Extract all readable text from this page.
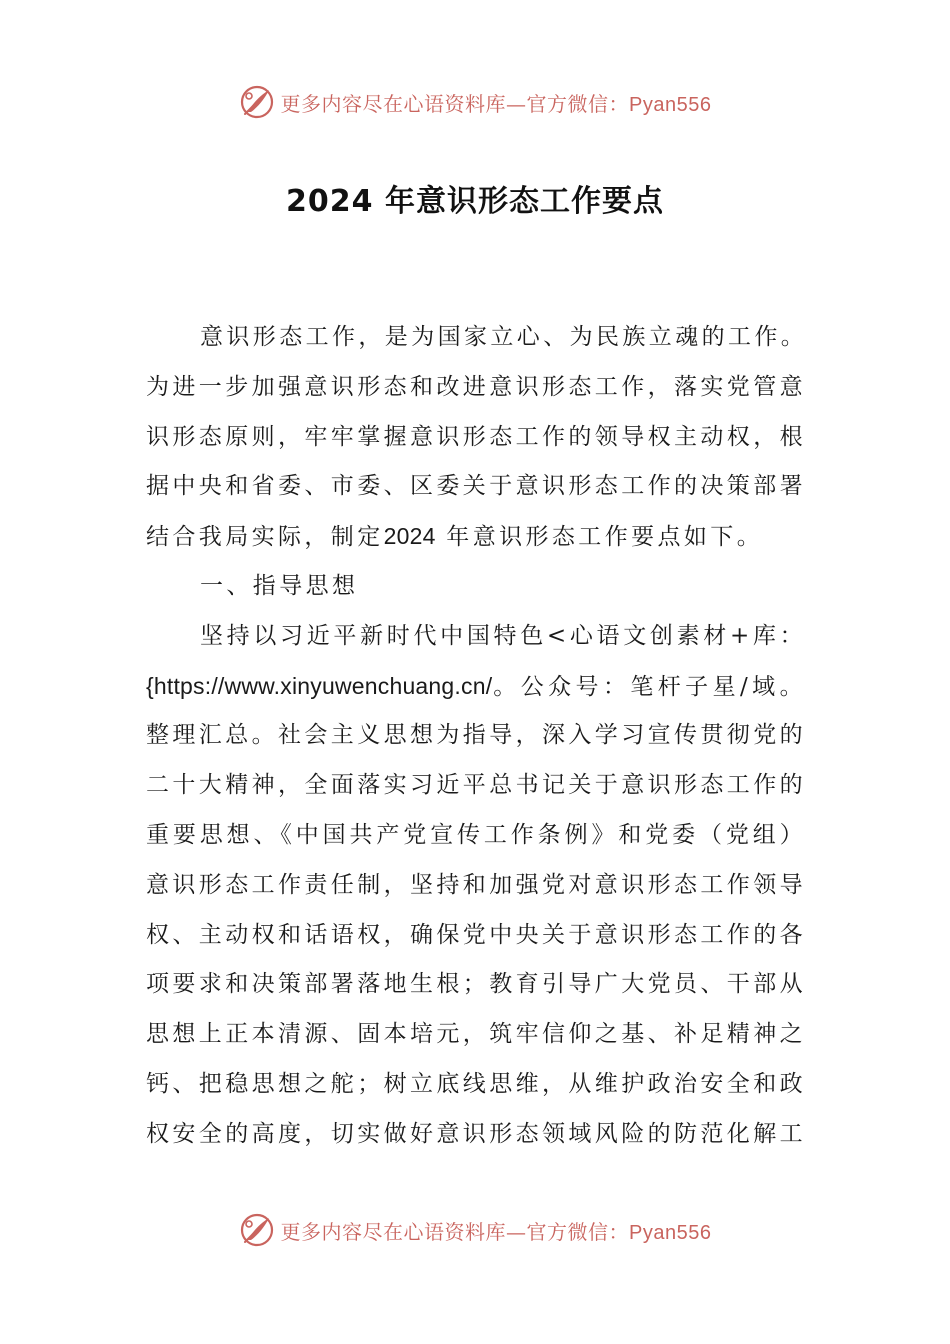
更多内容尽在心语资料库—官方微信：Pyan556
2024 年意识形态工作要点
意识形态工作，是为国家立心、为民族立魂的工作。
为进一步加强意识形态和改进意识形态工作，落实党管意
识形态原则，牢牢掌握意识形态工作的领导权主动权，根
据中央和省委、市委、区委关于意识形态工作的决策部署
结合我局实际，制定2024 年意识形态工作要点如下。
一、指导思想
坚持以习近平新时代中国特色<心语文创素材+库：
{https://www.xinyuwenchuang.cn/。公众号：笔杆子星/域。
整理汇总。社会主义思想为指导，深入学习宣传贯彻党的
二十大精神，全面落实习近平总书记关于意识形态工作的
重要思想、《中国共产党宣传工作条例》和党委（党组）
意识形态工作责任制，坚持和加强党对意识形态工作领导
权、主动权和话语权，确保党中央关于意识形态工作的各
项要求和决策部署落地生根；教育引导广大党员、干部从
思想上正本清源、固本培元，筑牢信仰之基、补足精神之
钙、把稳思想之舵；树立底线思维，从维护政治安全和政
权安全的高度，切实做好意识形态领域风险的防范化解工
更多内容尽在心语资料库—官方微信：Pyan556
